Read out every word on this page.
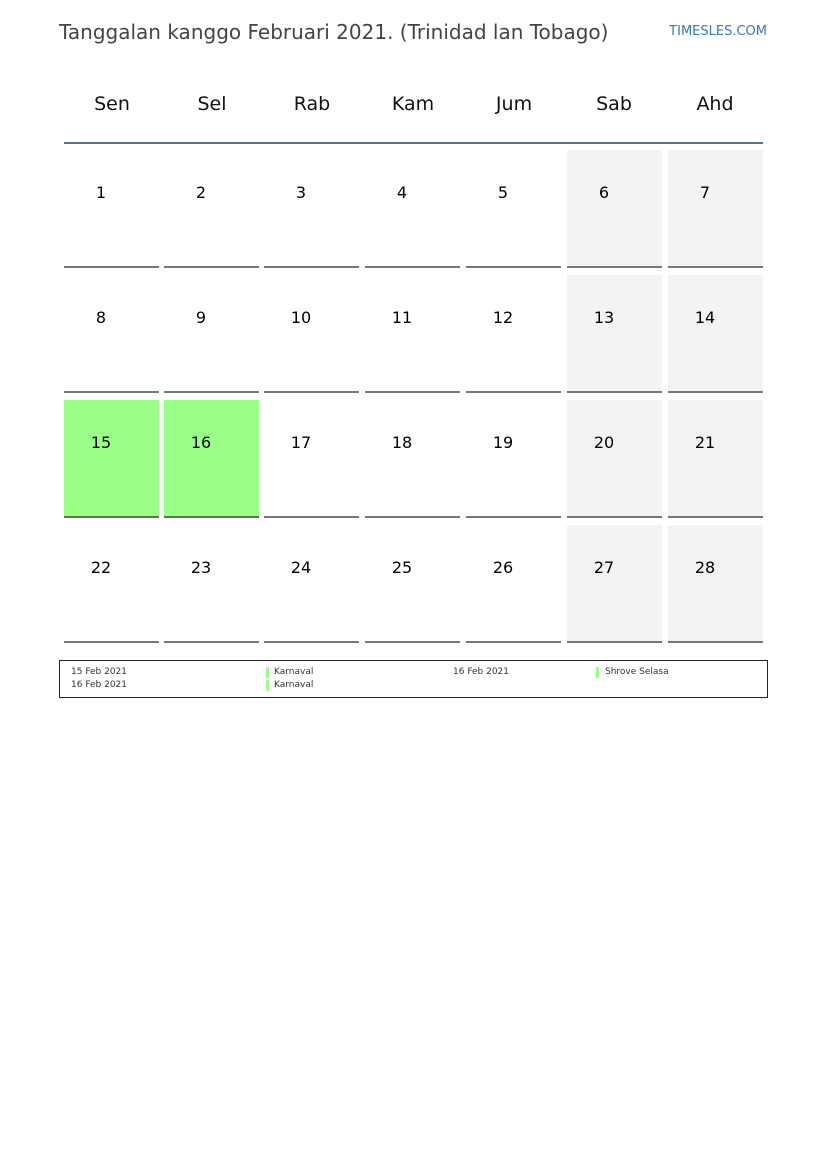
Tanggalan kanggo Februari 2021. (Trinidad lan Tobago)	TIMESLES.COM
Sen	Sel	Rab	Kam	Jum	Sab	Ahd
1	2	3	4	5	6	7
8	9	10	11	12	13	14
15	16	17	18	19	20	21
22	23	24	25	26	27	28
15 Feb 2021	Karnaval
16 Feb 2021	Karnaval
16 Feb 2021	Shrove Selasa
